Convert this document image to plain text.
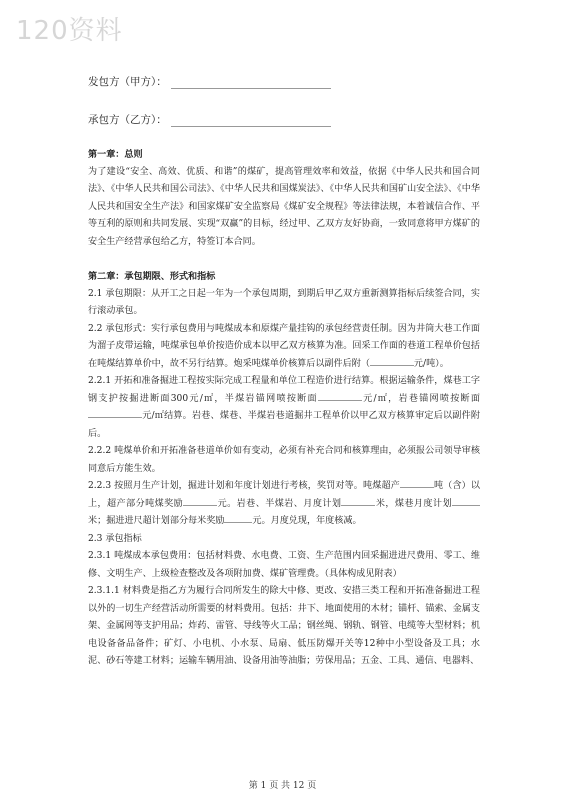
120资料
发包方（甲方）：
承包方（乙方）：

第一章：总则

为了建设“安全、高效、优质、和谐”的煤矿，提高管理效率和效益，依据《中华人民共和国合同法》、《中华人民共和国公司法》、《中华人民共和国煤炭法》、《中华人民共和国矿山安全法》、《中华人民共和国安全生产法》和国家煤矿安全监察局《煤矿安全规程》等法律法规，本着诚信合作、平等互利的原则和共同发展、实现“双赢”的目标，经过甲、乙双方友好协商，一致同意将甲方煤矿的安全生产经营承包给乙方，特签订本合同。

第二章：承包期限、形式和指标

2.1 承包期限：从开工之日起一年为一个承包周期，到期后甲乙双方重新测算指标后续签合同，实行滚动承包。

2.2 承包形式：实行承包费用与吨煤成本和原煤产量挂钩的承包经营责任制。因为井筒大巷工作面为溜子皮带运输，吨煤承包单价按造价成本以甲乙双方核算为准。回采工作面的巷道工程单价包括在吨煤结算单价中，故不另行结算。炮采吨煤单价核算后以副件后附（	元/吨）。

2.2.1 开拓和准备掘进工程按实际完成工程量和单位工程造价进行结算。根据运输条件，煤巷工字钢支护按掘进断面300元/㎡，半煤岩锚网喷按断面	元/㎡，岩巷锚网喷按断面元/㎡结算。岩巷、煤巷、半煤岩巷道掘井工程单价以甲乙双方核算审定后以副件附后。

2.2.2 吨煤单价和开拓准备巷道单价如有变动，必须有补充合同和核算理由，必须报公司领导审核同意后方能生效。

2.2.3 按照月生产计划，掘进计划和年度计划进行考核，奖罚对等。吨煤超产	吨（含）以上，超产部分吨煤奖励	元。岩巷、半煤岩、月度计划	米，煤巷月度计划米；掘进进尺超计划部分每米奖励	元。月度兑现，年度核减。

2.3 承包指标

2.3.1 吨煤成本承包费用：包括材料费、水电费、工资、生产范围内回采掘进进尺费用、零工、维修、文明生产、上级检查整改及各项附加费、煤矿管理费。（具体构成见附表）

2.3.1.1 材料费是指乙方为履行合同所发生的除大中修、更改、安措三类工程和开拓准备掘进工程以外的一切生产经营活动所需要的材料费用。包括：井下、地面使用的木材；锚杆、锚索、金属支架、金属网等支护用品；炸药、雷管、导线等火工品；钢丝绳、钢轨、钢管、电缆等大型材料；机电设备备品备件；矿灯、小电机、小水泵、局扇、低压防爆开关等12种中小型设备及工具；水泥、砂石等建工材料；运输车辆用油、设备用油等油脂；劳保用品；五金、工具、通信、电器料、

第 1 页 共 12 页
